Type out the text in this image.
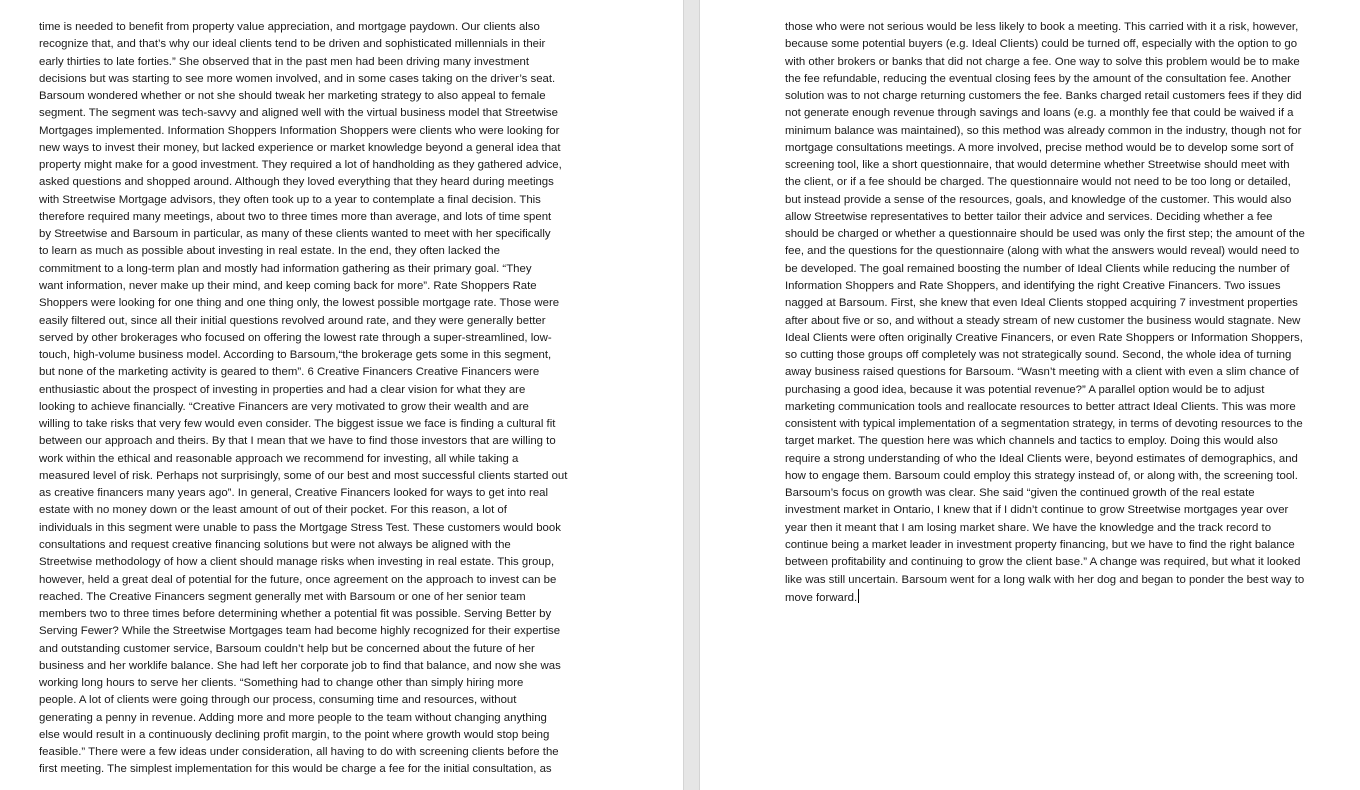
time is needed to benefit from property value appreciation, and mortgage paydown. Our clients also
recognize that, and that’s why our ideal clients tend to be driven and sophisticated millennials in their
early thirties to late forties.” She observed that in the past men had been driving many investment
decisions but was starting to see more women involved, and in some cases taking on the driver’s seat.
Barsoum wondered whether or not she should tweak her marketing strategy to also appeal to female
segment. The segment was tech-savvy and aligned well with the virtual business model that Streetwise
Mortgages implemented. Information Shoppers Information Shoppers were clients who were looking for
new ways to invest their money, but lacked experience or market knowledge beyond a general idea that
property might make for a good investment. They required a lot of handholding as they gathered advice,
asked questions and shopped around. Although they loved everything that they heard during meetings
with Streetwise Mortgage advisors, they often took up to a year to contemplate a final decision. This
therefore required many meetings, about two to three times more than average, and lots of time spent
by Streetwise and Barsoum in particular, as many of these clients wanted to meet with her specifically
to learn as much as possible about investing in real estate. In the end, they often lacked the
commitment to a long-term plan and mostly had information gathering as their primary goal. “They
want information, never make up their mind, and keep coming back for more”. Rate Shoppers Rate
Shoppers were looking for one thing and one thing only, the lowest possible mortgage rate. Those were
easily filtered out, since all their initial questions revolved around rate, and they were generally better
served by other brokerages who focused on offering the lowest rate through a super-streamlined, low-
touch, high-volume business model. According to Barsoum,“the brokerage gets some in this segment,
but none of the marketing activity is geared to them”. 6 Creative Financers Creative Financers were
enthusiastic about the prospect of investing in properties and had a clear vision for what they are
looking to achieve financially. “Creative Financers are very motivated to grow their wealth and are
willing to take risks that very few would even consider. The biggest issue we face is finding a cultural fit
between our approach and theirs. By that I mean that we have to find those investors that are willing to
work within the ethical and reasonable approach we recommend for investing, all while taking a
measured level of risk. Perhaps not surprisingly, some of our best and most successful clients started out
as creative financers many years ago”. In general, Creative Financers looked for ways to get into real
estate with no money down or the least amount of out of their pocket. For this reason, a lot of
individuals in this segment were unable to pass the Mortgage Stress Test. These customers would book
consultations and request creative financing solutions but were not always be aligned with the
Streetwise methodology of how a client should manage risks when investing in real estate. This group,
however, held a great deal of potential for the future, once agreement on the approach to invest can be
reached. The Creative Financers segment generally met with Barsoum or one of her senior team
members two to three times before determining whether a potential fit was possible. Serving Better by
Serving Fewer? While the Streetwise Mortgages team had become highly recognized for their expertise
and outstanding customer service, Barsoum couldn’t help but be concerned about the future of her
business and her worklife balance. She had left her corporate job to find that balance, and now she was
working long hours to serve her clients. “Something had to change other than simply hiring more
people. A lot of clients were going through our process, consuming time and resources, without
generating a penny in revenue. Adding more and more people to the team without changing anything
else would result in a continuously declining profit margin, to the point where growth would stop being
feasible.” There were a few ideas under consideration, all having to do with screening clients before the
first meeting. The simplest implementation for this would be charge a fee for the initial consultation, as
those who were not serious would be less likely to book a meeting. This carried with it a risk, however,
because some potential buyers (e.g. Ideal Clients) could be turned off, especially with the option to go
with other brokers or banks that did not charge a fee. One way to solve this problem would be to make
the fee refundable, reducing the eventual closing fees by the amount of the consultation fee. Another
solution was to not charge returning customers the fee. Banks charged retail customers fees if they did
not generate enough revenue through savings and loans (e.g. a monthly fee that could be waived if a
minimum balance was maintained), so this method was already common in the industry, though not for
mortgage consultations meetings. A more involved, precise method would be to develop some sort of
screening tool, like a short questionnaire, that would determine whether Streetwise should meet with
the client, or if a fee should be charged. The questionnaire would not need to be too long or detailed,
but instead provide a sense of the resources, goals, and knowledge of the customer. This would also
allow Streetwise representatives to better tailor their advice and services. Deciding whether a fee
should be charged or whether a questionnaire should be used was only the first step; the amount of the
fee, and the questions for the questionnaire (along with what the answers would reveal) would need to
be developed. The goal remained boosting the number of Ideal Clients while reducing the number of
Information Shoppers and Rate Shoppers, and identifying the right Creative Financers. Two issues
nagged at Barsoum. First, she knew that even Ideal Clients stopped acquiring 7 investment properties
after about five or so, and without a steady stream of new customer the business would stagnate. New
Ideal Clients were often originally Creative Financers, or even Rate Shoppers or Information Shoppers,
so cutting those groups off completely was not strategically sound. Second, the whole idea of turning
away business raised questions for Barsoum. “Wasn’t meeting with a client with even a slim chance of
purchasing a good idea, because it was potential revenue?” A parallel option would be to adjust
marketing communication tools and reallocate resources to better attract Ideal Clients. This was more
consistent with typical implementation of a segmentation strategy, in terms of devoting resources to the
target market. The question here was which channels and tactics to employ. Doing this would also
require a strong understanding of who the Ideal Clients were, beyond estimates of demographics, and
how to engage them. Barsoum could employ this strategy instead of, or along with, the screening tool.
Barsoum’s focus on growth was clear. She said “given the continued growth of the real estate
investment market in Ontario, I knew that if I didn’t continue to grow Streetwise mortgages year over
year then it meant that I am losing market share. We have the knowledge and the track record to
continue being a market leader in investment property financing, but we have to find the right balance
between profitability and continuing to grow the client base.” A change was required, but what it looked
like was still uncertain. Barsoum went for a long walk with her dog and began to ponder the best way to
move forward.
